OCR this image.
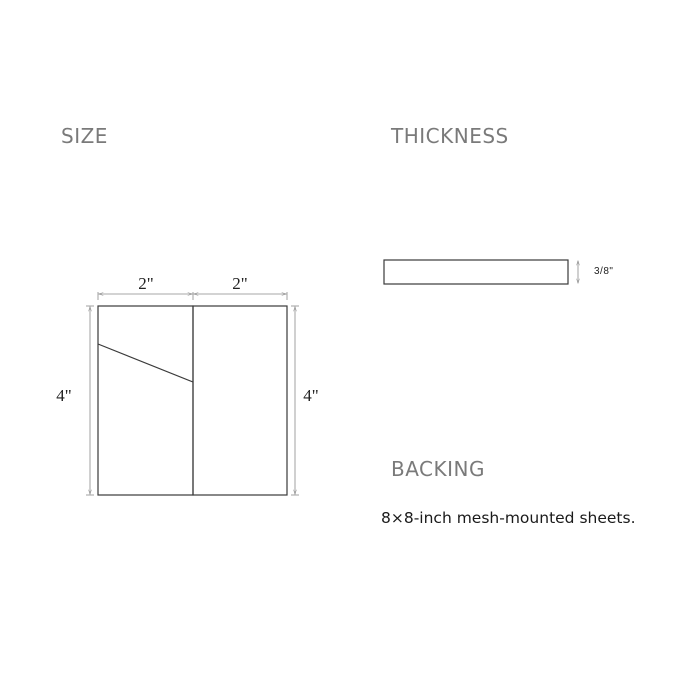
SIZE	THICKNESS
BACKING
8×8-inch mesh-mounted sheets.
2"	2"
4"	4"
3/8"
